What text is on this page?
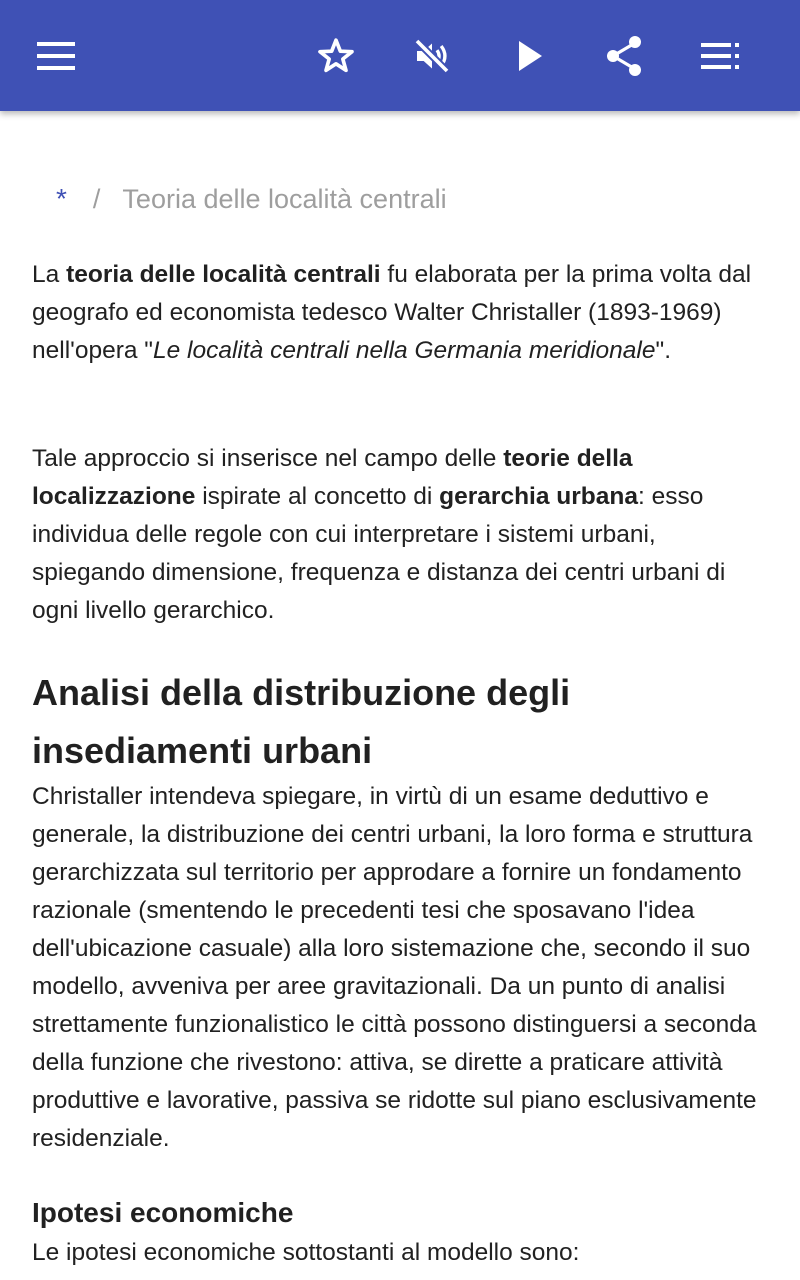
* / Teoria delle località centrali

La teoria delle località centrali fu elaborata per la prima volta dal geografo ed economista tedesco Walter Christaller (1893-1969) nell'opera "Le località centrali nella Germania meridionale".

Tale approccio si inserisce nel campo delle teorie della localizzazione ispirate al concetto di gerarchia urbana: esso individua delle regole con cui interpretare i sistemi urbani, spiegando dimensione, frequenza e distanza dei centri urbani di ogni livello gerarchico.

Analisi della distribuzione degli insediamenti urbani

Christaller intendeva spiegare, in virtù di un esame deduttivo e generale, la distribuzione dei centri urbani, la loro forma e struttura gerarchizzata sul territorio per approdare a fornire un fondamento razionale (smentendo le precedenti tesi che sposavano l'idea dell'ubicazione casuale) alla loro sistemazione che, secondo il suo modello, avveniva per aree gravitazionali. Da un punto di analisi strettamente funzionalistico le città possono distinguersi a seconda della funzione che rivestono: attiva, se dirette a praticare attività produttive e lavorative, passiva se ridotte sul piano esclusivamente residenziale.

Ipotesi economiche

Le ipotesi economiche sottostanti al modello sono:
